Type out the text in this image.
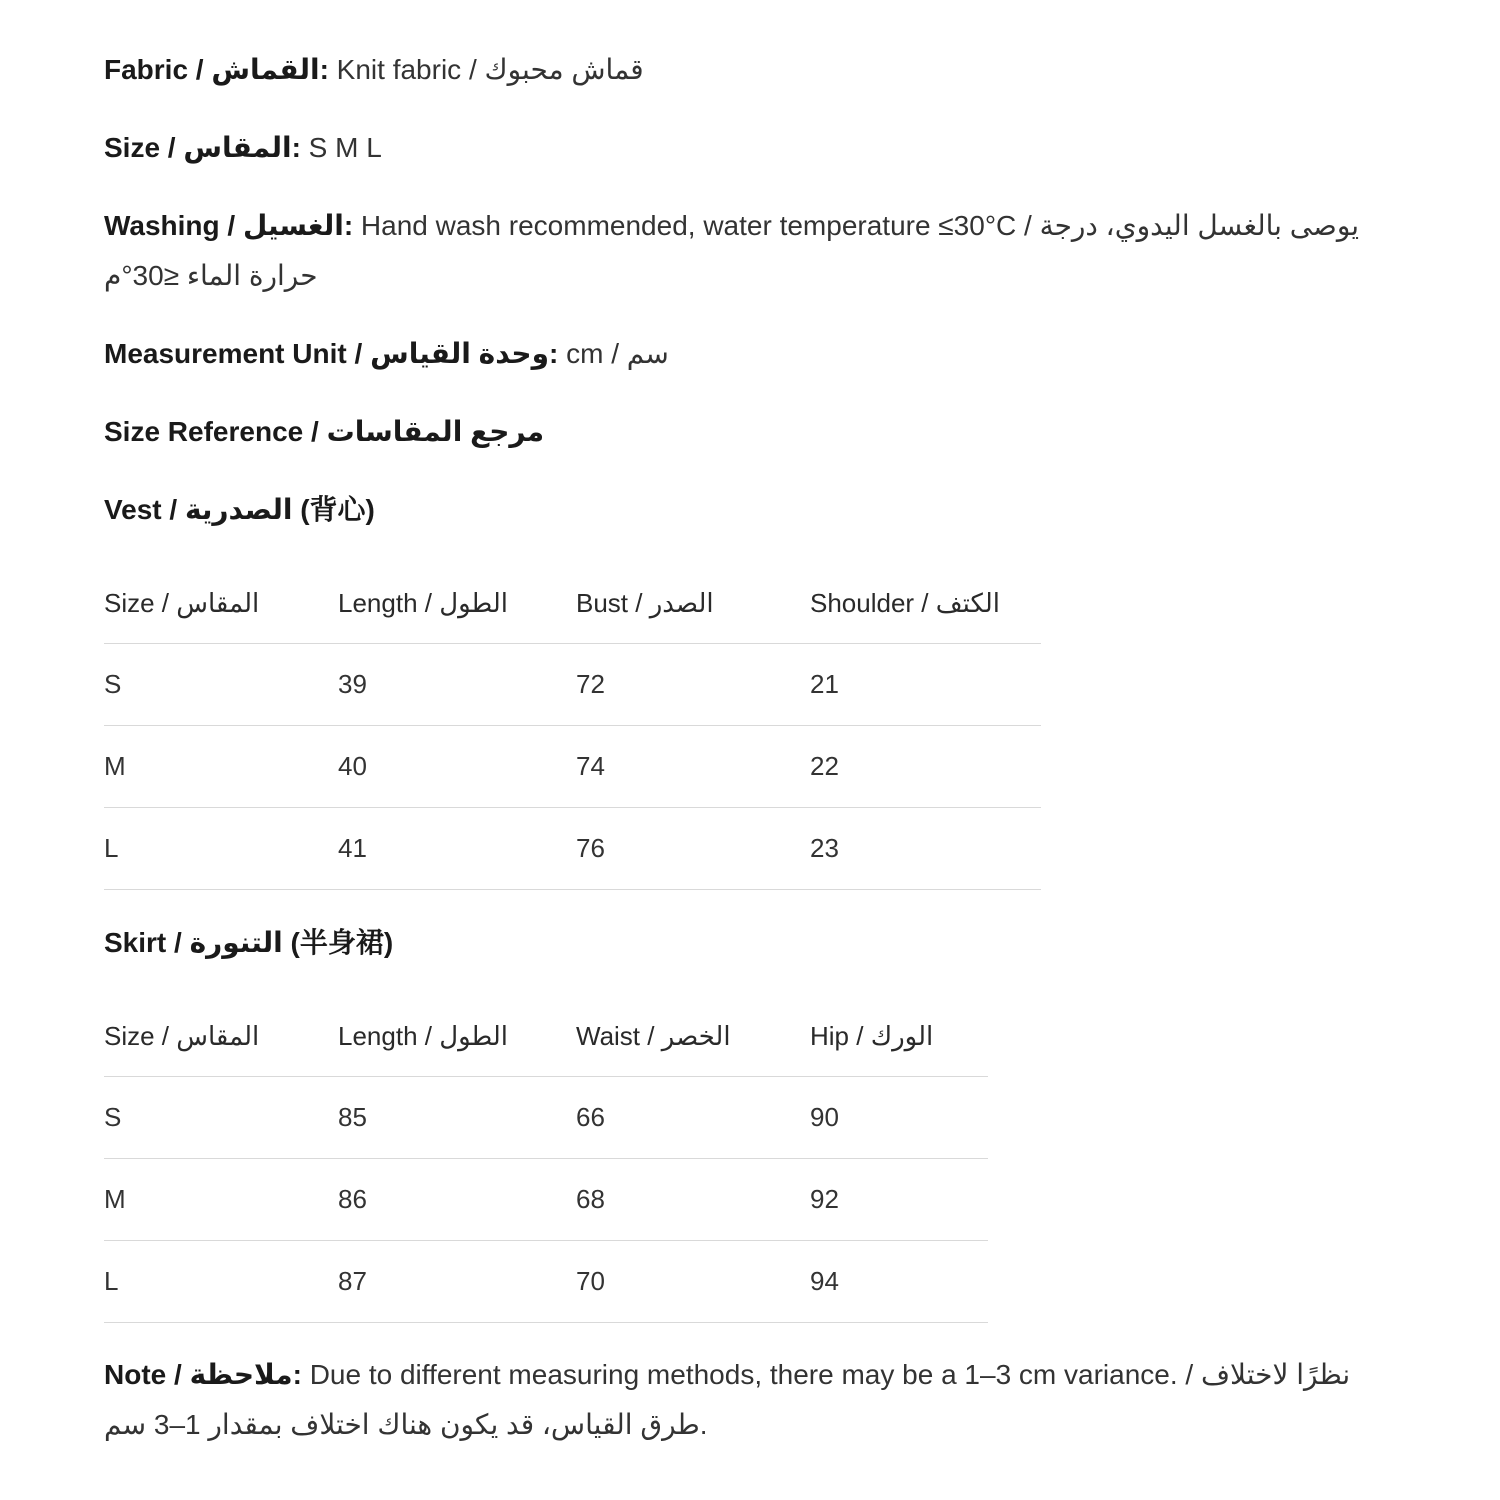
Fabric / القماش: Knit fabric / قماش محبوك
Size / المقاس: S M L
Washing / الغسيل: Hand wash recommended, water temperature ≤30°C / يوصى بالغسل اليدوي، درجة حرارة الماء ≤30°م
Measurement Unit / وحدة القياس: cm / سم
Size Reference / مرجع المقاسات
Vest / الصدرية (背心)
Size / المقاس	Length / الطول	Bust / الصدر	Shoulder / الكتف
S	39	72	21
M	40	74	22
L	41	76	23
Skirt / التنورة (半身裙)
Size / المقاس	Length / الطول	Waist / الخصر	Hip / الورك
S	85	66	90
M	86	68	92
L	87	70	94
Note / ملاحظة: Due to different measuring methods, there may be a 1–3 cm variance. / نظرًا لاختلاف طرق القياس، قد يكون هناك اختلاف بمقدار 1–3 سم.
